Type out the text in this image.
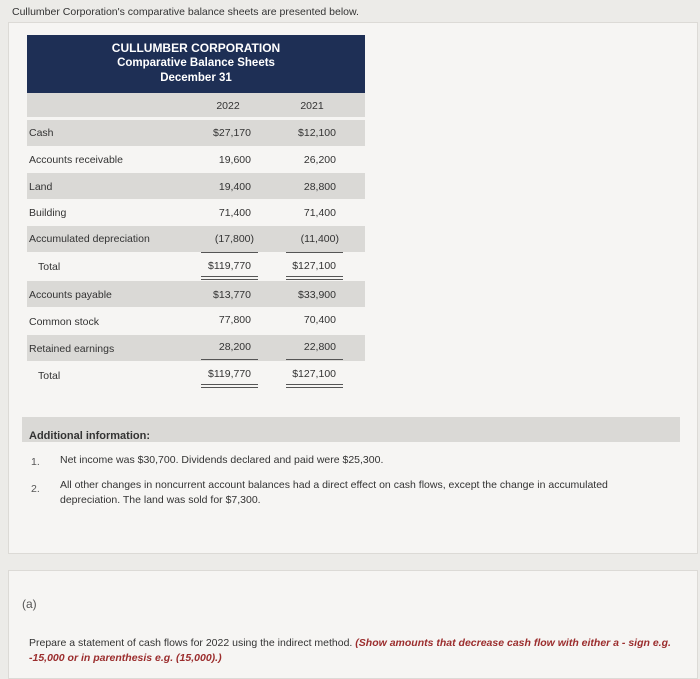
Cullumber Corporation's comparative balance sheets are presented below.
CULLUMBER CORPORATION
Comparative Balance Sheets
December 31
2022	2021
Cash	$27,170	$12,100
Accounts receivable	19,600	26,200
Land	19,400	28,800
Building	71,400	71,400
Accumulated depreciation	(17,800)	(11,400)
Total	$119,770	$127,100
Accounts payable	$13,770	$33,900
Common stock	77,800	70,400
Retained earnings	28,200	22,800
Total	$119,770	$127,100
Additional information:
1. Net income was $30,700. Dividends declared and paid were $25,300.
2. All other changes in noncurrent account balances had a direct effect on cash flows, except the change in accumulated
depreciation. The land was sold for $7,300.
(a)
Prepare a statement of cash flows for 2022 using the indirect method. (Show amounts that decrease cash flow with either a - sign e.g. -15,000 or in parenthesis e.g. (15,000).)
